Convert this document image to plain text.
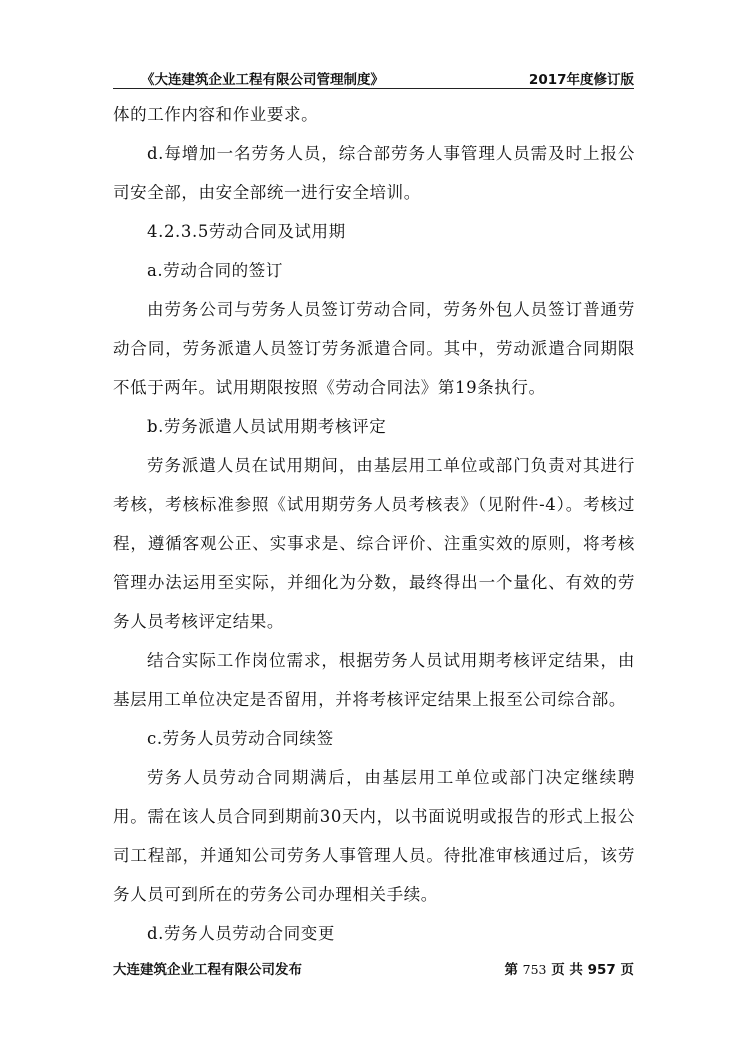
《大连建筑企业工程有限公司管理制度》	2017年度修订版

体的工作内容和作业要求。

d.每增加一名劳务人员，综合部劳务人事管理人员需及时上报公司安全部，由安全部统一进行安全培训。

4.2.3.5劳动合同及试用期

a.劳动合同的签订

由劳务公司与劳务人员签订劳动合同，劳务外包人员签订普通劳动合同，劳务派遣人员签订劳务派遣合同。其中，劳动派遣合同期限不低于两年。试用期限按照《劳动合同法》第19条执行。

b.劳务派遣人员试用期考核评定

劳务派遣人员在试用期间，由基层用工单位或部门负责对其进行考核，考核标准参照《试用期劳务人员考核表》（见附件-4）。考核过程，遵循客观公正、实事求是、综合评价、注重实效的原则，将考核管理办法运用至实际，并细化为分数，最终得出一个量化、有效的劳务人员考核评定结果。

结合实际工作岗位需求，根据劳务人员试用期考核评定结果，由基层用工单位决定是否留用，并将考核评定结果上报至公司综合部。

c.劳务人员劳动合同续签

劳务人员劳动合同期满后，由基层用工单位或部门决定继续聘用。需在该人员合同到期前30天内，以书面说明或报告的形式上报公司工程部，并通知公司劳务人事管理人员。待批准审核通过后，该劳务人员可到所在的劳务公司办理相关手续。

d.劳务人员劳动合同变更

大连建筑企业工程有限公司发布	第 753 页 共 957 页
